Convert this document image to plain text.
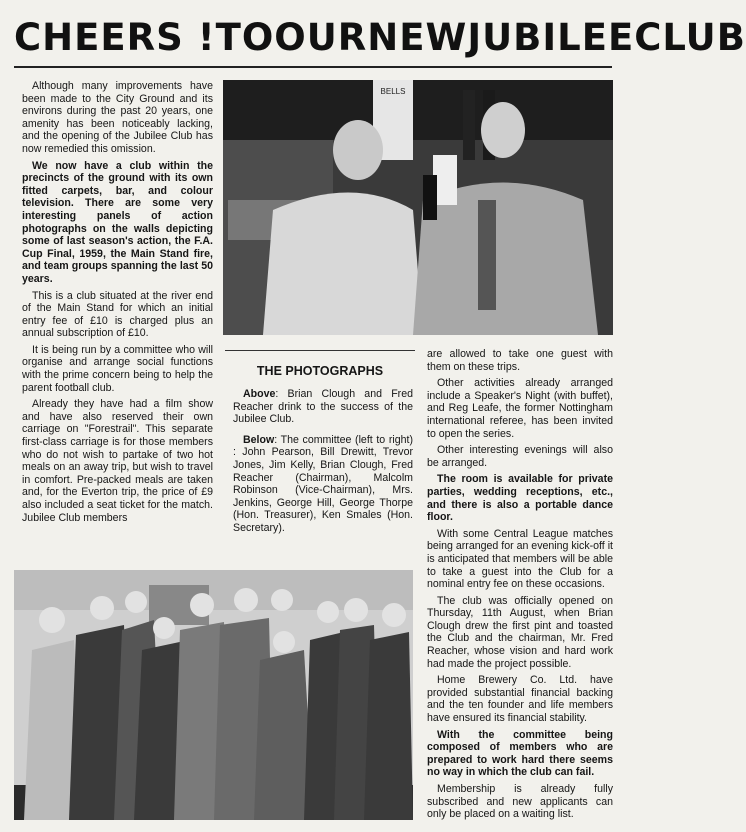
CHEERS ! TO OUR NEW JUBILEE CLUB

Although many improvements have been made to the City Ground and its environs during the past 20 years, one amenity has been noticeably lacking, and the opening of the Jubilee Club has now remedied this omission.

We now have a club within the precincts of the ground with its own fitted carpets, bar, and colour television. There are some very interesting panels of action photographs on the walls depicting some of last season's action, the F.A. Cup Final, 1959, the Main Stand fire, and team groups spanning the last 50 years.

This is a club situated at the river end of the Main Stand for which an initial entry fee of £10 is charged plus an annual subscription of £10.

It is being run by a committee who will organise and arrange social functions with the prime concern being to help the parent football club.

Already they have had a film show and have also reserved their own carriage on "Forestrail". This separate first-class carriage is for those members who do not wish to partake of two hot meals on an away trip, but wish to travel in comfort. Pre-packed meals are taken and, for the Everton trip, the price of £9 also included a seat ticket for the match. Jubilee Club members

BELLS
THE PHOTOGRAPHS

Above: Brian Clough and Fred Reacher drink to the success of the Jubilee Club.

Below: The committee (left to right) : John Pearson, Bill Drewitt, Trevor Jones, Jim Kelly, Brian Clough, Fred Reacher (Chairman), Malcolm Robinson (Vice-Chairman), Mrs. Jenkins, George Hill, George Thorpe (Hon. Treasurer), Ken Smales (Hon. Secretary).

are allowed to take one guest with them on these trips.

Other activities already arranged include a Speaker's Night (with buffet), and Reg Leafe, the former Nottingham international referee, has been invited to open the series.

Other interesting evenings will also be arranged.

The room is available for private parties, wedding receptions, etc., and there is also a portable dance floor.

With some Central League matches being arranged for an evening kick-off it is anticipated that members will be able to take a guest into the Club for a nominal entry fee on these occasions.

The club was officially opened on Thursday, 11th August, when Brian Clough drew the first pint and toasted the Club and the chairman, Mr. Fred Reacher, whose vision and hard work had made the project possible.

Home Brewery Co. Ltd. have provided substantial financial backing and the ten founder and life members have ensured its financial stability.

With the committee being composed of members who are prepared to work hard there seems no way in which the club can fail.

Membership is already fully subscribed and new applicants can only be placed on a waiting list.
